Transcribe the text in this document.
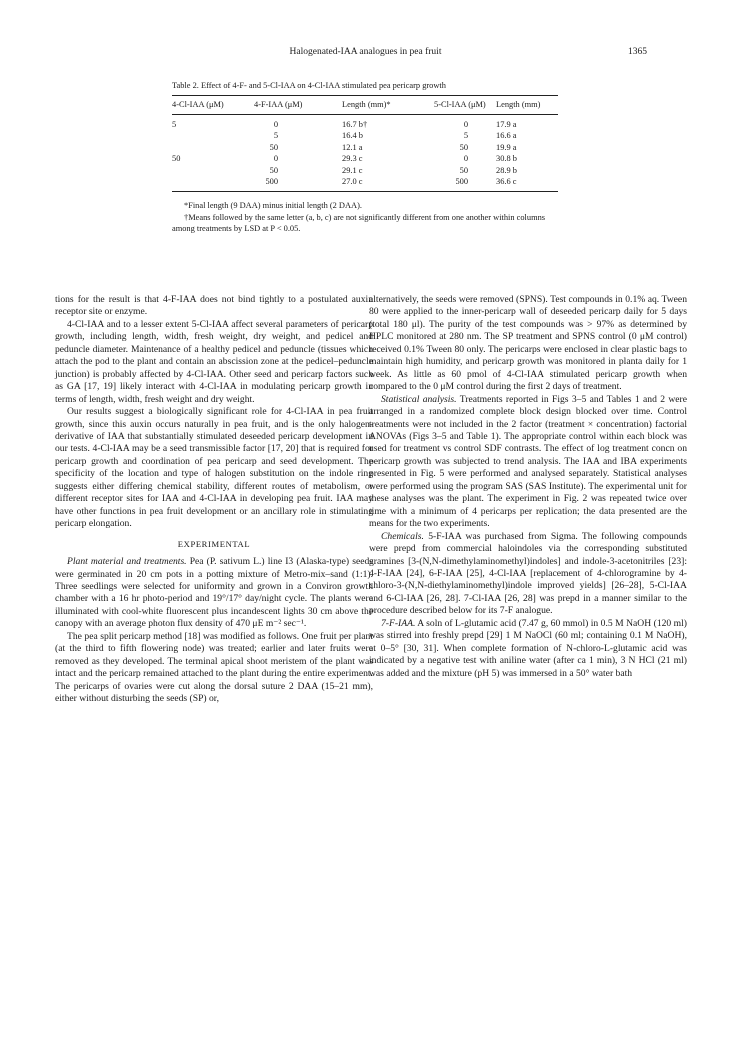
Halogenated-IAA analogues in pea fruit	1365
Table 2. Effect of 4-F- and 5-Cl-IAA on 4-Cl-IAA stimulated pea pericarp growth
4-Cl-IAA (μM)	4-F-IAA (μM)	Length (mm)*	5-Cl-IAA (μM)	Length (mm)

5	0	16.7 b†	0	17.9 a
	5	16.4 b	5	16.6 a
	50	12.1 a	50	19.9 a
50	0	29.3 c	0	30.8 b
	50	29.1 c	50	28.9 b
	500	27.0 c	500	36.6 c

*Final length (9 DAA) minus initial length (2 DAA).

†Means followed by the same letter (a, b, c) are not significantly different from one another within columns among treatments by LSD at P < 0.05.

tions for the result is that 4-F-IAA does not bind tightly to a postulated auxin receptor site or enzyme.

4-Cl-IAA and to a lesser extent 5-Cl-IAA affect several parameters of pericarp growth, including length, width, fresh weight, dry weight, and pedicel and peduncle diameter. Maintenance of a healthy pedicel and peduncle (tissues which attach the pod to the plant and contain an abscission zone at the pedicel–peduncle junction) is probably affected by 4-Cl-IAA. Other seed and pericarp factors such as GA [17, 19] likely interact with 4-Cl-IAA in modulating pericarp growth in terms of length, width, fresh weight and dry weight.

Our results suggest a biologically significant role for 4-Cl-IAA in pea fruit growth, since this auxin occurs naturally in pea fruit, and is the only halogen-derivative of IAA that substantially stimulated deseeded pericarp development in our tests. 4-Cl-IAA may be a seed transmissible factor [17, 20] that is required for pericarp growth and coordination of pea pericarp and seed development. The specificity of the location and type of halogen substitution on the indole ring suggests either differing chemical stability, different routes of metabolism, or different receptor sites for IAA and 4-Cl-IAA in developing pea fruit. IAA may have other functions in pea fruit development or an ancillary role in stimulating pericarp elongation.

EXPERIMENTAL

Plant material and treatments. Pea (P. sativum L.) line I3 (Alaska-type) seeds were germinated in 20 cm pots in a potting mixture of Metro-mix–sand (1:1). Three seedlings were selected for uniformity and grown in a Conviron growth chamber with a 16 hr photo-period and 19°/17° day/night cycle. The plants were illuminated with cool-white fluorescent plus incandescent lights 30 cm above the canopy with an average photon flux density of 470 μE m⁻² sec⁻¹.

The pea split pericarp method [18] was modified as follows. One fruit per plant (at the third to fifth flowering node) was treated; earlier and later fruits were removed as they developed. The terminal apical shoot meristem of the plant was intact and the pericarp remained attached to the plant during the entire experiment. The pericarps of ovaries were cut along the dorsal suture 2 DAA (15–21 mm), either without disturbing the seeds (SP) or,

alternatively, the seeds were removed (SPNS). Test compounds in 0.1% aq. Tween 80 were applied to the inner-pericarp wall of deseeded pericarp daily for 5 days (total 180 μl). The purity of the test compounds was > 97% as determined by HPLC monitored at 280 nm. The SP treatment and SPNS control (0 μM control) received 0.1% Tween 80 only. The pericarps were enclosed in clear plastic bags to maintain high humidity, and pericarp growth was monitored in planta daily for 1 week. As little as 60 pmol of 4-Cl-IAA stimulated pericarp growth when compared to the 0 μM control during the first 2 days of treatment.

Statistical analysis. Treatments reported in Figs 3–5 and Tables 1 and 2 were arranged in a randomized complete block design blocked over time. Control treatments were not included in the 2 factor (treatment × concentration) factorial ANOVAs (Figs 3–5 and Table 1). The appropriate control within each block was used for treatment vs control SDF contrasts. The effect of log treatment concn on pericarp growth was subjected to trend analysis. The IAA and IBA experiments presented in Fig. 5 were performed and analysed separately. Statistical analyses were performed using the program SAS (SAS Institute). The experimental unit for these analyses was the plant. The experiment in Fig. 2 was repeated twice over time with a minimum of 4 pericarps per replication; the data presented are the means for the two experiments.

Chemicals. 5-F-IAA was purchased from Sigma. The following compounds were prepd from commercial haloindoles via the corresponding substituted gramines [3-(N,N-dimethylaminomethyl)indoles] and indole-3-acetonitriles [23]: 4-F-IAA [24], 6-F-IAA [25], 4-Cl-IAA [replacement of 4-chlorogramine by 4-chloro-3-(N,N-diethylaminomethyl)indole improved yields] [26–28], 5-Cl-IAA and 6-Cl-IAA [26, 28]. 7-Cl-IAA [26, 28] was prepd in a manner similar to the procedure described below for its 7-F analogue.

7-F-IAA. A soln of L-glutamic acid (7.47 g, 60 mmol) in 0.5 M NaOH (120 ml) was stirred into freshly prepd [29] 1 M NaOCl (60 ml; containing 0.1 M NaOH), at 0–5° [30, 31]. When complete formation of N-chloro-L-glutamic acid was indicated by a negative test with aniline water (after ca 1 min), 3 N HCl (21 ml) was added and the mixture (pH 5) was immersed in a 50° water bath
